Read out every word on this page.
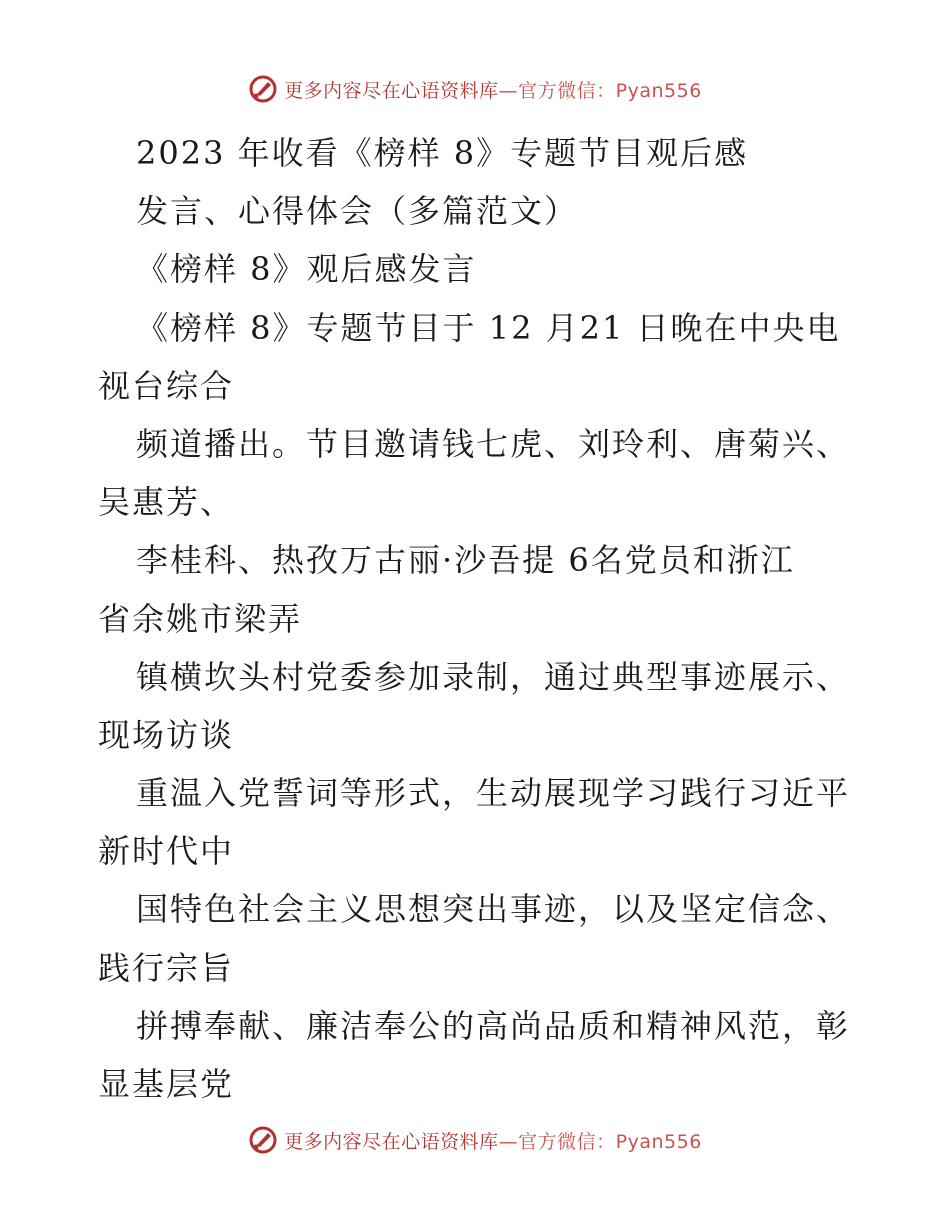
更多内容尽在心语资料库—官方微信：Pyan556
2023 年收看《榜样 8》专题节目观后感
发言、心得体会（多篇范文）
《榜样 8》观后感发言
《榜样 8》专题节目于 12 月21 日晚在中央电
视台综合
频道播出。节目邀请钱七虎、刘玲利、唐菊兴、
吴惠芳、
李桂科、热孜万古丽·沙吾提 6名党员和浙江
省余姚市梁弄
镇横坎头村党委参加录制，通过典型事迹展示、
现场访谈
重温入党誓词等形式，生动展现学习践行习近平
新时代中
国特色社会主义思想突出事迹，以及坚定信念、
践行宗旨
拼搏奉献、廉洁奉公的高尚品质和精神风范，彰
显基层党
更多内容尽在心语资料库—官方微信：Pyan556
